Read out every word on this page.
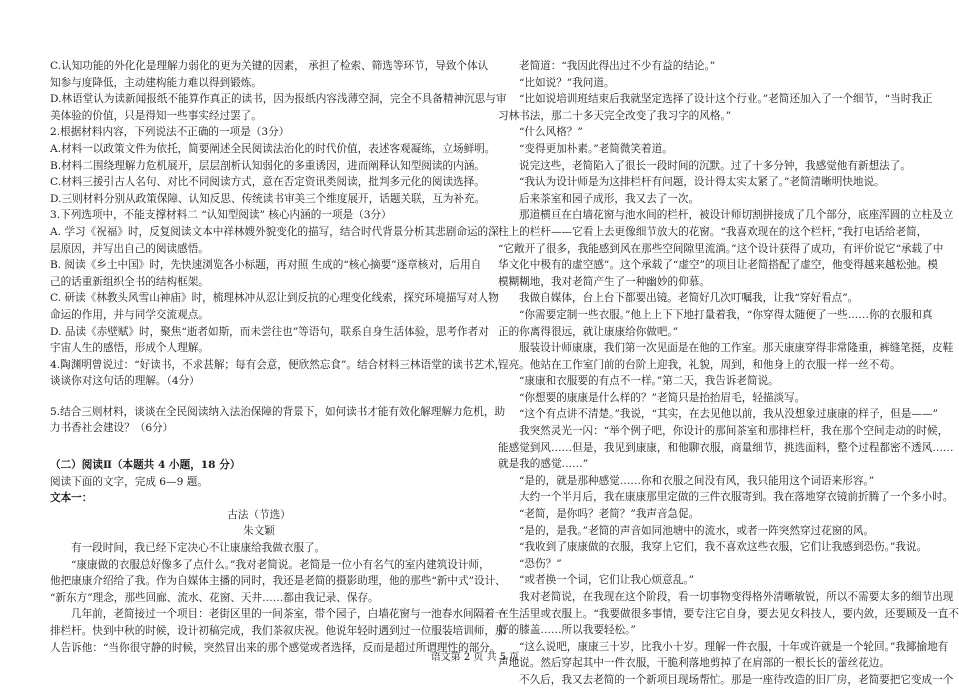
C.认知功能的外化化是理解力弱化的更为关键的因素， 承担了检索、筛选等环节，导致个体认
知参与度降低，主动建构能力难以得到锻炼。
D.林语堂认为读新闻报纸不能算作真正的读书，因为报纸内容浅薄空洞，完全不具备精神沉思与审
美体验的价值，只是得知一些事实经过罢了。
2.根据材料内容，下列说法不正确的一项是（3分）
A.材料一以政策文件为依托，简要阐述全民阅读法治化的时代价值，表述客观凝练，立场鲜明。
B.材料二围绕理解力危机展开，层层剖析认知弱化的多重诱因，进而阐释认知型阅读的内涵。
C.材料三援引古人名句、对比不同阅读方式，意在否定资讯类阅读，批判多元化的阅读选择。
D.三则材料分别从政策保障、认知反思、传统读书审美三个维度展开，话题关联，互为补充。
3.下列选项中，不能支撑材料二 “认知型阅读” 核心内涵的一项是（3分）
A. 学习《祝福》时，反复阅读文本中祥林嫂外貌变化的描写，结合时代背景分析其悲剧命运的深
层原因，并写出自己的阅读感悟。
B. 阅读《乡土中国》时，先快速浏览各小标题，再对照 生成的“核心摘要”逐章核对，后用自
己的话重新组织全书的结构框架。
C. 研读《林教头风雪山神庙》时，梳理林冲从忍让到反抗的心理变化线索，探究环境描写对人物
命运的作用，并与同学交流观点。
D. 品读《赤壁赋》时，聚焦“逝者如斯，而未尝往也”等语句，联系自身生活体验，思考作者对
宇宙人生的感悟，形成个人理解。
4.陶渊明曾说过：“好读书，不求甚解；每有会意，便欣然忘食”。结合材料三林语堂的读书艺术，
谈谈你对这句话的理解。（4分）
5.结合三则材料，谈谈在全民阅读纳入法治保障的背景下，如何读书才能有效化解理解力危机，助
力书香社会建设？（6分）
（二）阅读Ⅱ（本题共 4 小题，18 分）
阅读下面的文字，完成 6—9 题。
文本一：
古法（节选）
朱文颖
有一段时间，我已经下定决心不让康康给我做衣服了。
“康康做的衣服总好像多了点什么。”我对老简说。老简是一位小有名气的室内建筑设计师，
他把康康介绍给了我。作为自媒体主播的同时，我还是老简的摄影助理，他的那些“新中式”设计、
“新东方”理念，那些回廊、流水、花窗、天井……都由我记录、保存。
几年前，老简接过一个项目：老街区里的一间茶室，带个园子，白墙花窗与一池春水间隔着一
排栏杆。快到中秋的时候，设计初稿完成，我们茶叙庆祝。他说年轻时遇到过一位服装培训师，那
人告诉他：“当你很守静的时候，突然冒出来的那个感觉或者选择，反而是超过所谓理性的部分。
老简道：“我因此得出过不少有益的结论。”
“比如说？”我问道。
“比如说培训班结束后我就坚定选择了设计这个行业。”老简还加入了一个细节，“当时我正
习林书法，那二十多天完全改变了我习字的风格。”
“什么风格？”
“变得更加朴素。”老简微笑着道。
说完这些，老简陷入了很长一段时间的沉默。过了十多分钟，我感觉他有新想法了。
“我认为设计师是为这排栏杆有问题，设计得太实太紧了。”老简清晰明快地说。
后来茶室和园子成形，我又去了一次。
那道横亘在白墙花窗与池水间的栏杆，被设计师切割拼接成了几个部分，底座浑圆的立柱及立
柱上的栏杆——它看上去更像细节放大的花窗。“我喜欢现在的这个栏杆，”我打电话给老简，
“它敞开了很多，我能感到风在那些空间隙里流淌。”这个设计获得了成功，有评价说它“承载了中
华文化中极有的虚空感”。这个承载了“虚空”的项目让老简搭配了虚空，他变得越来越松弛。模
模糊糊地，我对老简产生了一种幽妙的仰慕。
我做自媒体，台上台下都要出镜。老简好几次叮嘱我，让我“穿好看点”。
“你需要定制一些衣服。”他上上下下地打量着我，“你穿得太随便了一些……你的衣服和真
正的你离得很远，就让康康给你做吧。”
服装设计师康康，我们第一次见面是在他的工作室。那天康康穿得非常隆重，裤缝笔挺，皮鞋
锃亮。他站在工作室门前的台阶上迎我，礼貌，周到，和他身上的衣服一样一丝不苟。
“康康和衣服要的有点不一样。”第二天，我告诉老简说。
“你想要的康康是什么样的？”老简只是抬抬眉毛，轻描淡写。
“这个有点讲不清楚。”我说，“其实，在去见他以前，我从没想象过康康的样子，但是——”
我突然灵光一闪：“举个例子吧，你设计的那间茶室和那排栏杆，我在那个空间走动的时候，
能感觉到风……但是，我见到康康，和他聊衣服，商量细节，挑选面料，整个过程都密不透风……
就是我的感觉……”
“是的，就是那种感觉……你和衣服之间没有风，我只能用这个词语来形容。”
大约一个半月后，我在康康那里定做的三件衣服寄到。我在落地穿衣镜前折腾了一个多小时。
“老简，是你吗？老简？”我声音急促。
“是的，是我。”老简的声音如同池塘中的流水，或者一阵突然穿过花窗的风。
“我收到了康康做的衣服，我穿上它们，我不喜欢这些衣服，它们让我感到恐伤。”我说。
“恐伤？”
“或者换一个词，它们让我心烦意乱。”
我对老简说，在我现在这个阶段，看一切事物变得格外清晰敏锐，所以不需要太多的细节出现
在生活里或衣服上。“我要做很多事情，要专注它自身，要去见女科技人，要内敛，还要顾及一直不
好的膝盖……所以我要轻松。”
“这么说吧，康康三十岁，比我小十岁。理解一件衣服，十年或许就是一个轮回。”我揶揄地有
声地说。然后穿起其中一件衣服，干脆利落地剪掉了在肩部的一根长长的蕾丝花边。
不久后，我又去老简的一个新项目现场帮忙。那是一座待改造的旧厂房，老简要把它变成一个
语文第 2 页 共 5 页
